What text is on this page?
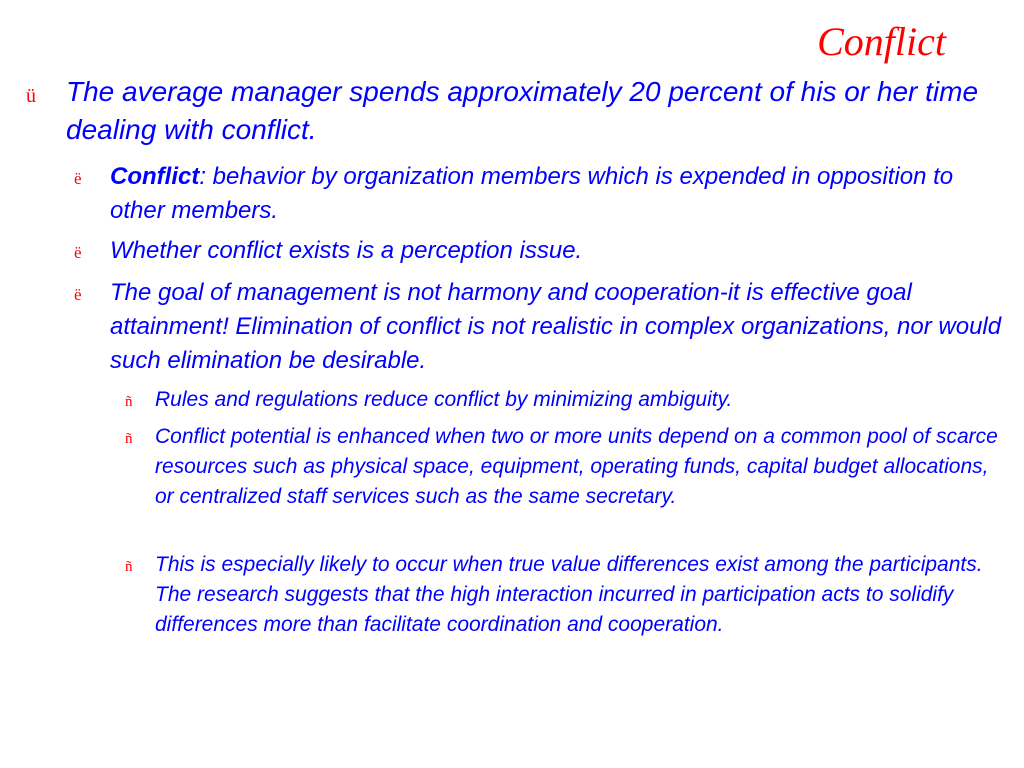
Conflict
ü The average manager spends approximately 20 percent of his or her time dealing with conflict.
ë Conflict: behavior by organization members which is expended in opposition to other members.
ë Whether conflict exists is a perception issue.
ë The goal of management is not harmony and cooperation-it is effective goal attainment! Elimination of conflict is not realistic in complex organizations, nor would such elimination be desirable.
ñ Rules and regulations reduce conflict by minimizing ambiguity.
ñ Conflict potential is enhanced when two or more units depend on a common pool of scarce resources such as physical space, equipment, operating funds, capital budget allocations, or centralized staff services such as the same secretary.
ñ This is especially likely to occur when true value differences exist among the participants. The research suggests that the high interaction incurred in participation acts to solidify differences more than facilitate coordination and cooperation.
